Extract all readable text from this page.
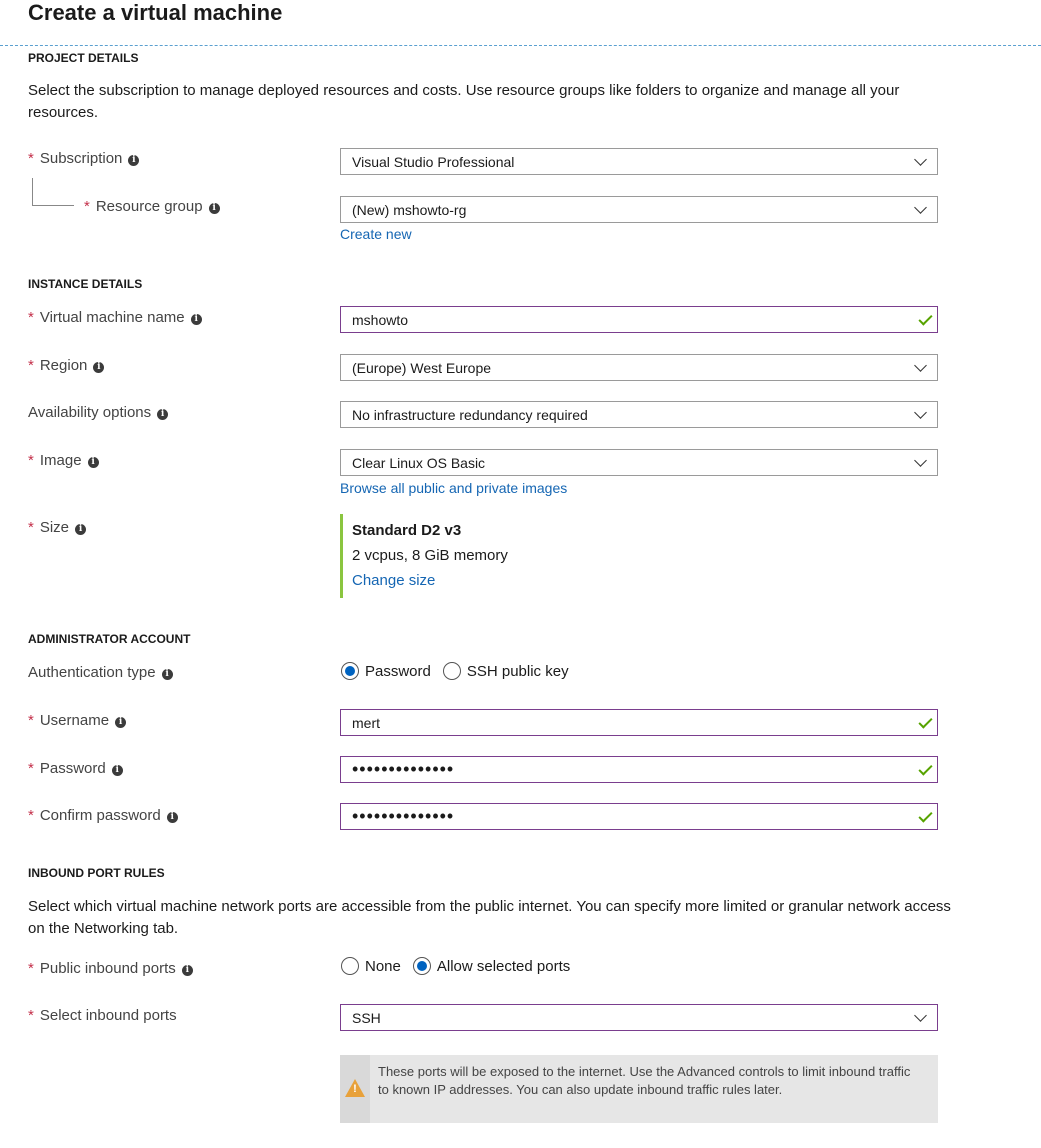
Create a virtual machine
PROJECT DETAILS
Select the subscription to manage deployed resources and costs. Use resource groups like folders to organize and manage all your resources.
* Subscription i	Visual Studio Professional
* Resource group i	(New) mshowto-rg
Create new
INSTANCE DETAILS
* Virtual machine name i	mshowto
* Region i	(Europe) West Europe
Availability options i	No infrastructure redundancy required
* Image i	Clear Linux OS Basic
Browse all public and private images
* Size i	Standard D2 v3
2 vcpus, 8 GiB memory
Change size
ADMINISTRATOR ACCOUNT
Authentication type i	Password SSH public key
* Username i	mert
* Password i	••••••••••••••
* Confirm password i	••••••••••••••
INBOUND PORT RULES
Select which virtual machine network ports are accessible from the public internet. You can specify more limited or granular network access on the Networking tab.
* Public inbound ports i	None Allow selected ports
* Select inbound ports	SSH
!
These ports will be exposed to the internet. Use the Advanced controls to limit inbound traffic to known IP addresses. You can also update inbound traffic rules later.
